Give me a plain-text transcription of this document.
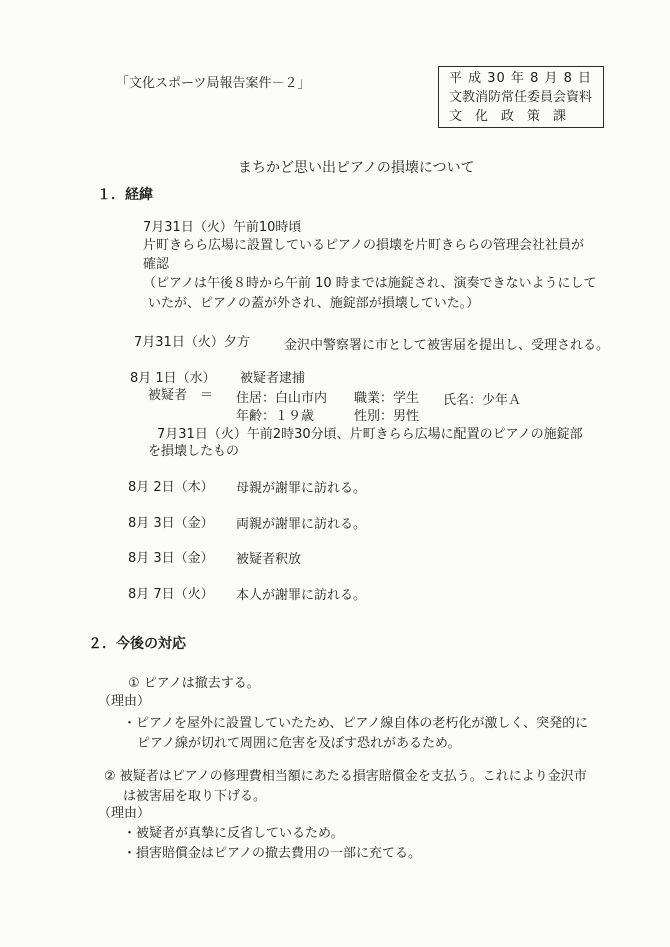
「文化スポーツ局報告案件－２」	平 成 30 年 8 月 8 日
文教消防常任委員会資料
文　化　政　策　課
まちかど思い出ピアノの損壊について
１．経緯
7月31日（火）午前10時頃
片町きらら広場に設置しているピアノの損壊を片町きららの管理会社社員が
確認
（ピアノは午後８時から午前 10 時までは施錠され、演奏できないようにして
いたが、ピアノの蓋が外され、施錠部が損壊していた。）
7月31日（火）夕方	金沢中警察署に市として被害届を提出し、受理される。
8月 1日（水） 被疑者逮捕
被疑者　＝ 住居：白山市内 職業：学生 氏名：少年Ａ
年齢：１９歳	性別：男性
7月31日（火）午前2時30分頃、片町きらら広場に配置のピアノの施錠部
を損壊したもの
8月 2日（木） 母親が謝罪に訪れる。
8月 3日（金） 両親が謝罪に訪れる。
8月 3日（金） 被疑者釈放
8月 7日（火） 本人が謝罪に訪れる。
２．今後の対応
① ピアノは撤去する。
（理由）
・ピアノを屋外に設置していたため、ピアノ線自体の老朽化が激しく、突発的に
ピアノ線が切れて周囲に危害を及ぼす恐れがあるため。
② 被疑者はピアノの修理費相当額にあたる損害賠償金を支払う。これにより金沢市
は被害届を取り下げる。
（理由）
・被疑者が真摯に反省しているため。
・損害賠償金はピアノの撤去費用の一部に充てる。
